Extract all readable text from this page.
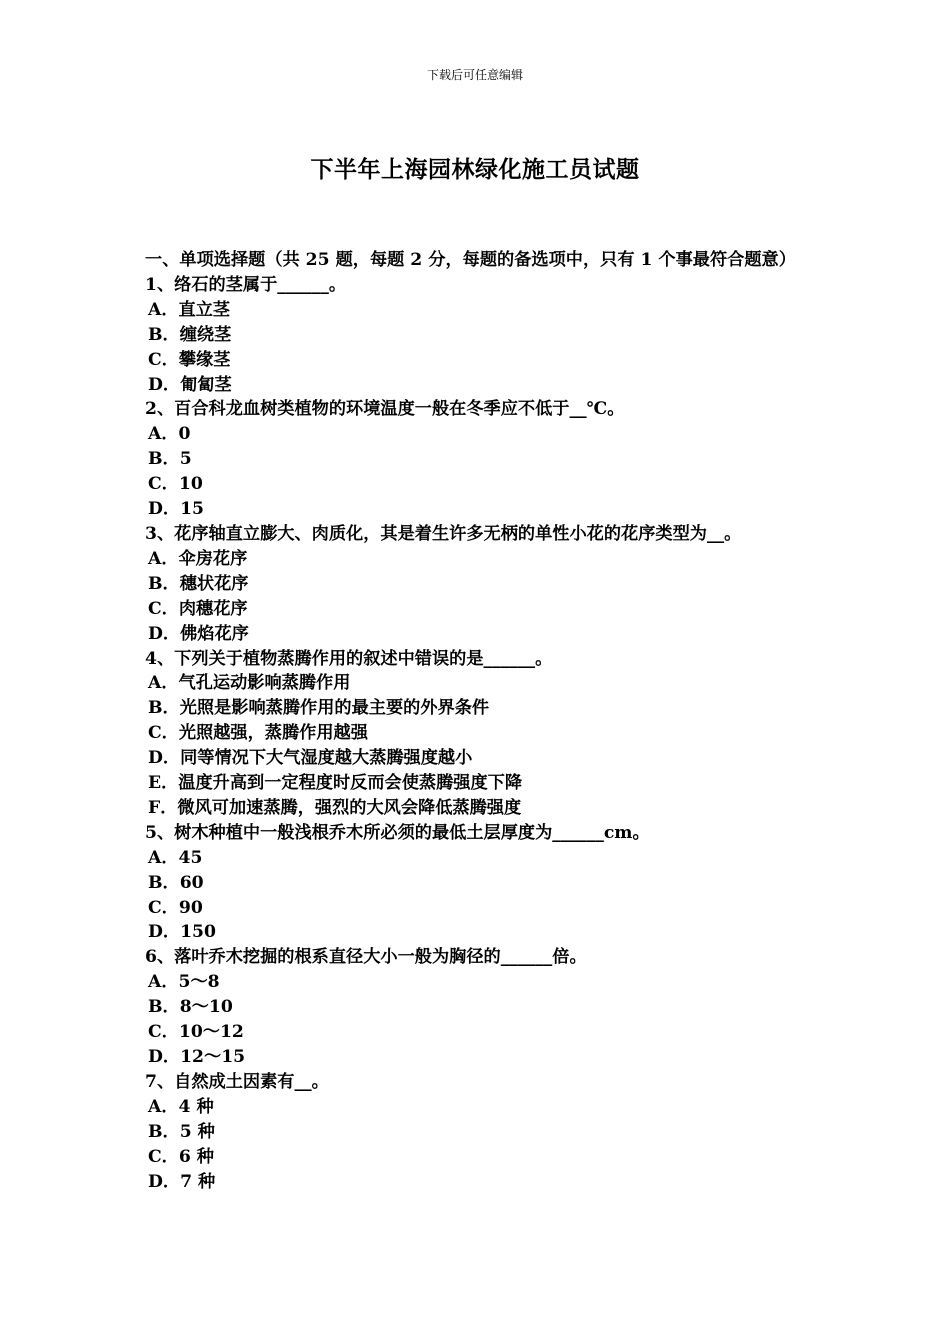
下载后可任意编辑
下半年上海园林绿化施工员试题
一、单项选择题（共 25 题，每题 2 分，每题的备选项中，只有 1 个事最符合题意）
1、络石的茎属于______。
A．直立茎
B．缠绕茎
C．攀缘茎
D．匍匐茎
2、百合科龙血树类植物的环境温度一般在冬季应不低于__℃。
A．0
B．5
C．10
D．15
3、花序轴直立膨大、肉质化，其是着生许多无柄的单性小花的花序类型为__。
A．伞房花序
B．穗状花序
C．肉穗花序
D．佛焰花序
4、下列关于植物蒸腾作用的叙述中错误的是______。
A．气孔运动影响蒸腾作用
B．光照是影响蒸腾作用的最主要的外界条件
C．光照越强，蒸腾作用越强
D．同等情况下大气湿度越大蒸腾强度越小
E．温度升高到一定程度时反而会使蒸腾强度下降
F．微风可加速蒸腾，强烈的大风会降低蒸腾强度
5、树木种植中一般浅根乔木所必须的最低土层厚度为______cm。
A．45
B．60
C．90
D．150
6、落叶乔木挖掘的根系直径大小一般为胸径的______倍。
A．5～8
B．8～10
C．10～12
D．12～15
7、自然成土因素有__。
A．4 种
B．5 种
C．6 种
D．7 种
